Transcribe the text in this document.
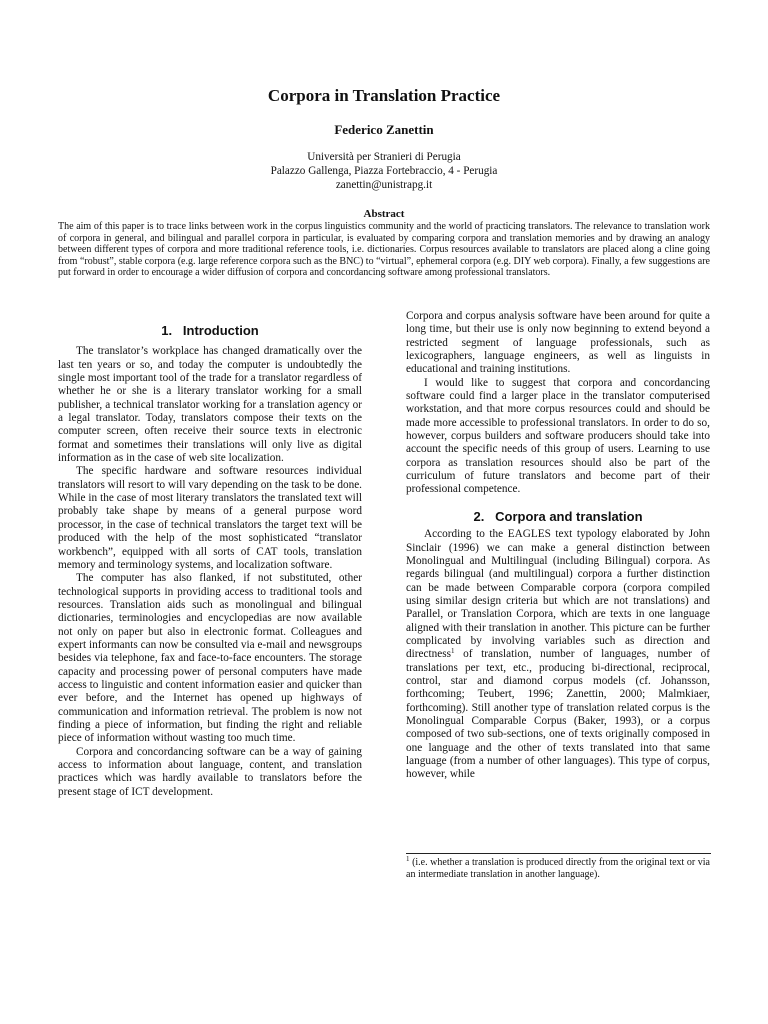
Corpora in Translation Practice
Federico Zanettin
Università per Stranieri di Perugia
Palazzo Gallenga, Piazza Fortebraccio, 4 - Perugia
zanettin@unistrapg.it
Abstract
The aim of this paper is to trace links between work in the corpus linguistics community and the world of practicing translators. The relevance to translation work of corpora in general, and bilingual and parallel corpora in particular, is evaluated by comparing corpora and translation memories and by drawing an analogy between different types of corpora and more traditional reference tools, i.e. dictionaries. Corpus resources available to translators are placed along a cline going from “robust”, stable corpora (e.g. large reference corpora such as the BNC) to “virtual”, ephemeral corpora (e.g. DIY web corpora). Finally, a few suggestions are put forward in order to encourage a wider diffusion of corpora and concordancing software among professional translators.
1. Introduction

The translator’s workplace has changed dramatically over the last ten years or so, and today the computer is undoubtedly the single most important tool of the trade for a translator regardless of whether he or she is a literary translator working for a small publisher, a technical translator working for a translation agency or a legal translator. Today, translators compose their texts on the computer screen, often receive their source texts in electronic format and sometimes their translations will only live as digital information as in the case of web site localization.

The specific hardware and software resources individual translators will resort to will vary depending on the task to be done. While in the case of most literary translators the translated text will probably take shape by means of a general purpose word processor, in the case of technical translators the target text will be produced with the help of the most sophisticated “translator workbench”, equipped with all sorts of CAT tools, translation memory and terminology systems, and localization software.

The computer has also flanked, if not substituted, other technological supports in providing access to traditional tools and resources. Translation aids such as monolingual and bilingual dictionaries, terminologies and encyclopedias are now available not only on paper but also in electronic format. Colleagues and expert informants can now be consulted via e-mail and newsgroups besides via telephone, fax and face-to-face encounters. The storage capacity and processing power of personal computers have made access to linguistic and content information easier and quicker than ever before, and the Internet has opened up highways of communication and information retrieval. The problem is now not finding a piece of information, but finding the right and reliable piece of information without wasting too much time.

Corpora and concordancing software can be a way of gaining access to information about language, content, and translation practices which was hardly available to translators before the present stage of ICT development.

Corpora and corpus analysis software have been around for quite a long time, but their use is only now beginning to extend beyond a restricted segment of language professionals, such as lexicographers, language engineers, as well as linguists in educational and training institutions.

I would like to suggest that corpora and concordancing software could find a larger place in the translator computerised workstation, and that more corpus resources could and should be made more accessible to professional translators. In order to do so, however, corpus builders and software producers should take into account the specific needs of this group of users. Learning to use corpora as translation resources should also be part of the curriculum of future translators and become part of their professional competence.

2. Corpora and translation

According to the EAGLES text typology elaborated by John Sinclair (1996) we can make a general distinction between Monolingual and Multilingual (including Bilingual) corpora. As regards bilingual (and multilingual) corpora a further distinction can be made between Comparable corpora (corpora compiled using similar design criteria but which are not translations) and Parallel, or Translation Corpora, which are texts in one language aligned with their translation in another. This picture can be further complicated by involving variables such as direction and directness$^1$ of translation, number of languages, number of translations per text, etc., producing bi-directional, reciprocal, control, star and diamond corpus models (cf. Johansson, forthcoming; Teubert, 1996; Zanettin, 2000; Malmkiaer, forthcoming). Still another type of translation related corpus is the Monolingual Comparable Corpus (Baker, 1993), or a corpus composed of two sub-sections, one of texts originally composed in one language and the other of texts translated into that same language (from a number of other languages). This type of corpus, however, while

$^1$ (i.e. whether a translation is produced directly from the original text or via an intermediate translation in another language).
